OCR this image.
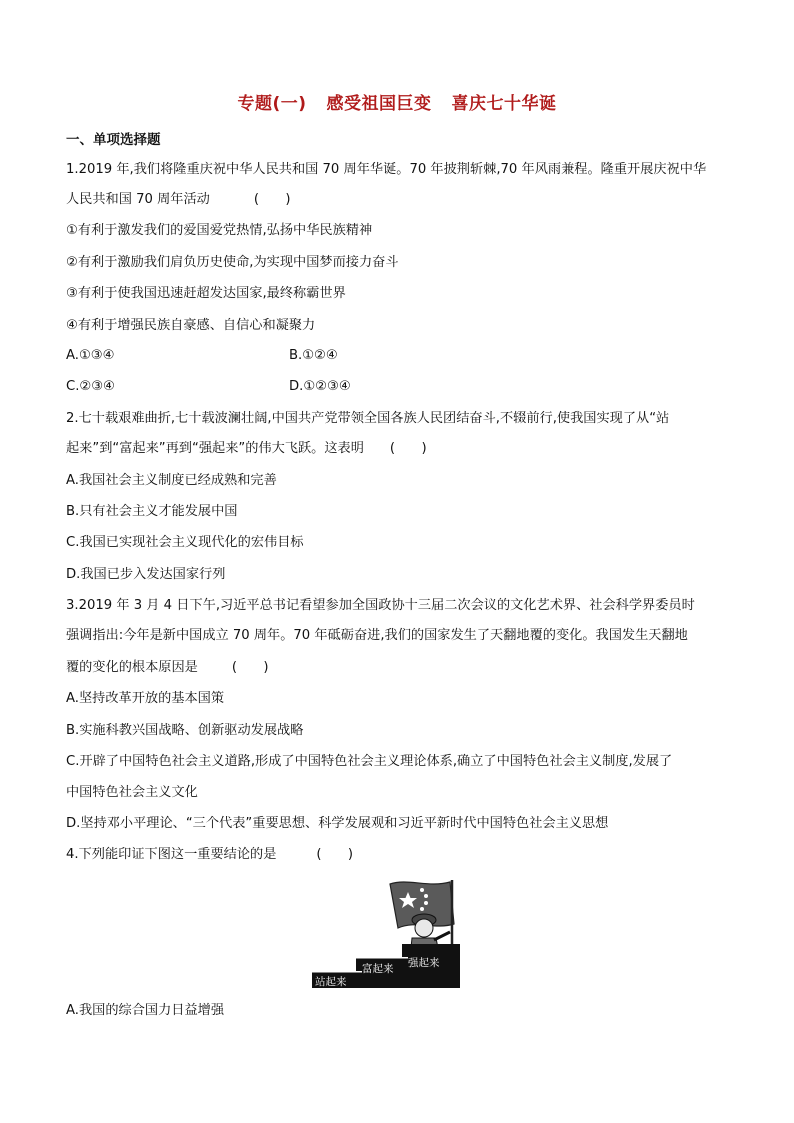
专题(一) 感受祖国巨变 喜庆七十华诞
一、单项选择题
1.2019 年,我们将隆重庆祝中华人民共和国 70 周年华诞。70 年披荆斩棘,70 年风雨兼程。隆重开展庆祝中华
人民共和国 70 周年活动	(　　)
①有利于激发我们的爱国爱党热情,弘扬中华民族精神
②有利于激励我们肩负历史使命,为实现中国梦而接力奋斗
③有利于使我国迅速赶超发达国家,最终称霸世界
④有利于增强民族自豪感、自信心和凝聚力
A.①③④	B.①②④
C.②③④	D.①②③④
2.七十载艰难曲折,七十载波澜壮阔,中国共产党带领全国各族人民团结奋斗,不辍前行,使我国实现了从“站
起来”到“富起来”再到“强起来”的伟大飞跃。这表明 (　　)
A.我国社会主义制度已经成熟和完善
B.只有社会主义才能发展中国
C.我国已实现社会主义现代化的宏伟目标
D.我国已步入发达国家行列
3.2019 年 3 月 4 日下午,习近平总书记看望参加全国政协十三届二次会议的文化艺术界、社会科学界委员时
强调指出:今年是新中国成立 70 周年。70 年砥砺奋进,我们的国家发生了天翻地覆的变化。我国发生天翻地
覆的变化的根本原因是	(　　)
A.坚持改革开放的基本国策
B.实施科教兴国战略、创新驱动发展战略
C.开辟了中国特色社会主义道路,形成了中国特色社会主义理论体系,确立了中国特色社会主义制度,发展了
中国特色社会主义文化
D.坚持邓小平理论、“三个代表”重要思想、科学发展观和习近平新时代中国特色社会主义思想
4.下列能印证下图这一重要结论的是	(　　)
站起来
富起来 强起来
A.我国的综合国力日益增强
